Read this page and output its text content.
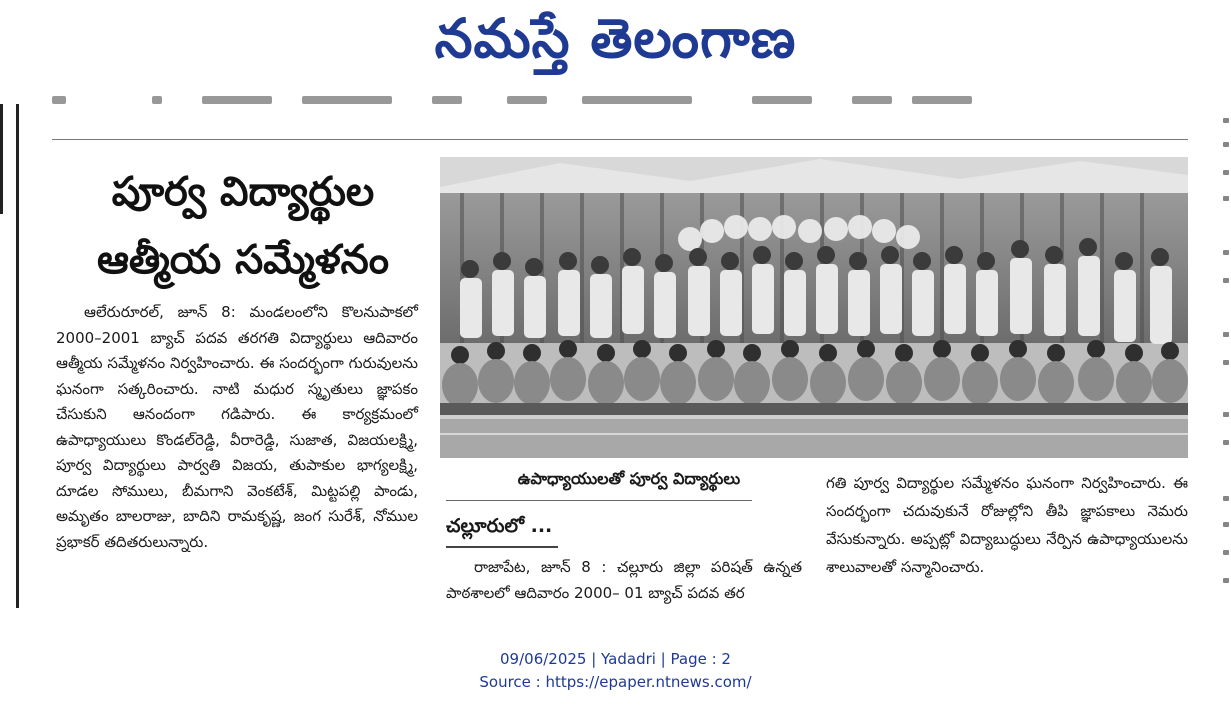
నమస్తే తెలంగాణ
పూర్వ విద్యార్థుల
ఆత్మీయ సమ్మేళనం

ఆలేరురూరల్, జూన్ 8: మండలంలోని కొలనుపాకలో 2000–2001 బ్యాచ్ పదవ తరగతి విద్యార్థులు ఆదివారం ఆత్మీయ సమ్మేళనం నిర్వహించారు. ఈ సందర్భంగా గురువులను ఘనంగా సత్కరించారు. నాటి మధుర స్మృతులు జ్ఞాపకం చేసుకుని ఆనందంగా గడిపారు. ఈ కార్యక్రమంలో ఉపాధ్యాయులు కొండల్‌రెడ్డి, వీరారెడ్డి, సుజాత, విజయలక్ష్మి, పూర్వ విద్యార్థులు పార్వతి విజయ, తుపాకుల భాగ్యలక్ష్మి, దూడల సోములు, బీమగాని వెంకటేశ్, మిట్టపల్లి పాండు, అమృతం బాలరాజు, బాదిని రామకృష్ణ, జంగ సురేశ్, నోముల ప్రభాకర్ తదితరులున్నారు.

ఉపాధ్యాయులతో పూర్వ విద్యార్థులు
చల్లూరులో ...

రాజాపేట, జూన్ 8 : చల్లూరు జిల్లా పరిషత్ ఉన్నత పాఠశాలలో ఆదివారం 2000– 01 బ్యాచ్ పదవ తర

గతి పూర్వ విద్యార్థుల సమ్మేళనం ఘనంగా నిర్వహించారు. ఈ సందర్భంగా చదువుకునే రోజుల్లోని తీపి జ్ఞాపకాలు నెమరు వేసుకున్నారు. అప్పట్లో విద్యాబుద్ధులు నేర్పిన ఉపాధ్యాయులను శాలువాలతో సన్మానించారు.

09/06/2025 | Yadadri | Page : 2
Source : https://epaper.ntnews.com/
